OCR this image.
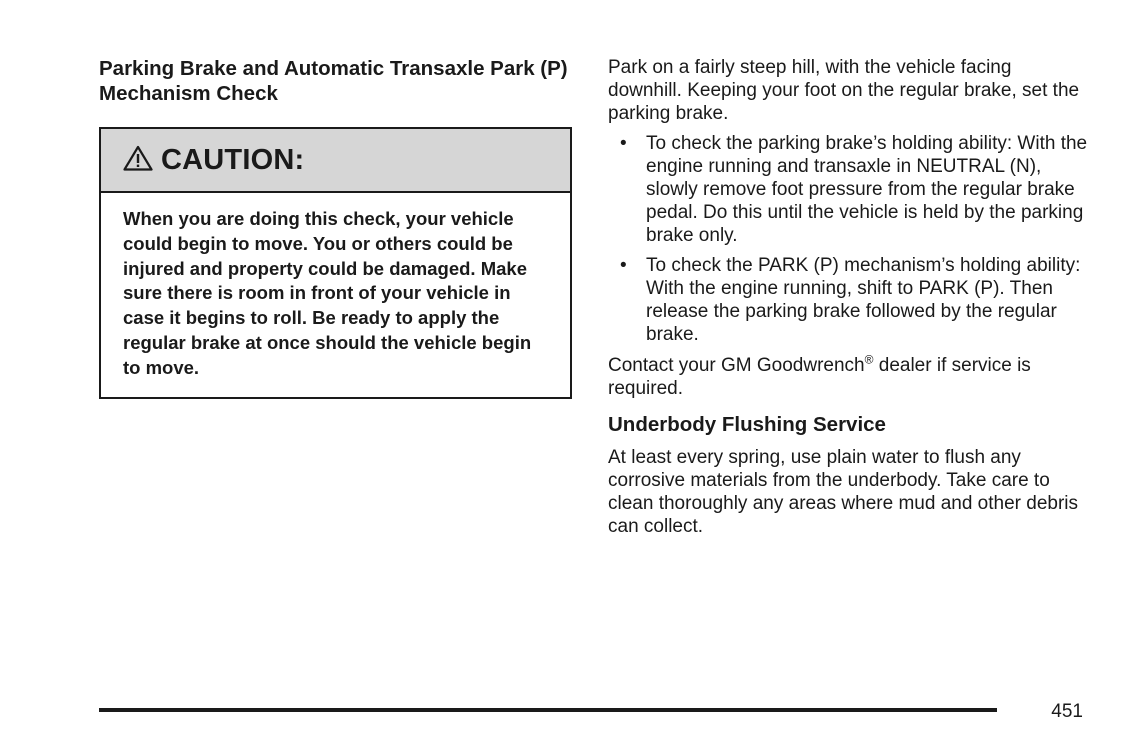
Parking Brake and Automatic Transaxle Park (P) Mechanism Check
CAUTION:
When you are doing this check, your vehicle could begin to move. You or others could be injured and property could be damaged. Make sure there is room in front of your vehicle in case it begins to roll. Be ready to apply the regular brake at once should the vehicle begin to move.

Park on a fairly steep hill, with the vehicle facing downhill. Keeping your foot on the regular brake, set the parking brake.

• To check the parking brake’s holding ability: With the engine running and transaxle in NEUTRAL (N), slowly remove foot pressure from the regular brake pedal. Do this until the vehicle is held by the parking brake only.
• To check the PARK (P) mechanism’s holding ability: With the engine running, shift to PARK (P). Then release the parking brake followed by the regular brake.

Contact your GM Goodwrench® dealer if service is required.

Underbody Flushing Service

At least every spring, use plain water to flush any corrosive materials from the underbody. Take care to clean thoroughly any areas where mud and other debris can collect.

451
